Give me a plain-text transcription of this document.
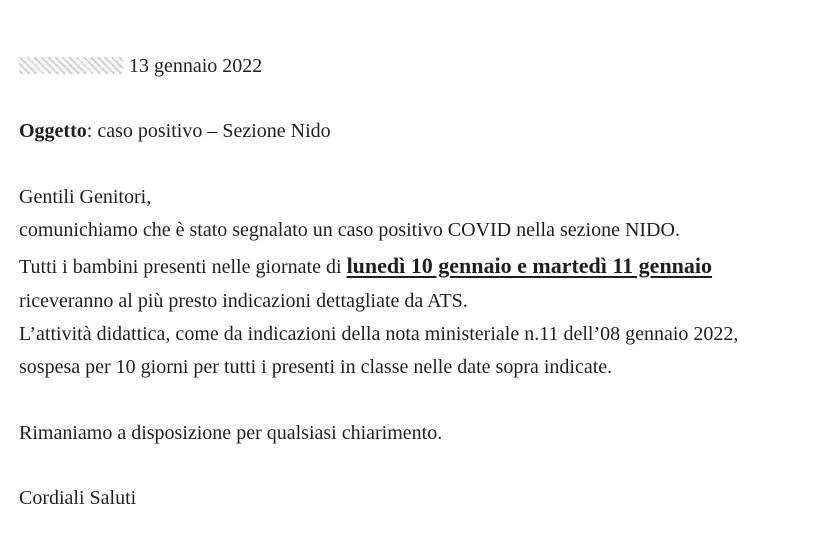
13 gennaio 2022
Oggetto: caso positivo – Sezione Nido
Gentili Genitori,
comunichiamo che è stato segnalato un caso positivo COVID nella sezione NIDO.
Tutti i bambini presenti nelle giornate di lunedì 10 gennaio e martedì 11 gennaio
riceveranno al più presto indicazioni dettagliate da ATS.
L’attività didattica, come da indicazioni della nota ministeriale n.11 dell’08 gennaio 2022,
sospesa per 10 giorni per tutti i presenti in classe nelle date sopra indicate.
Rimaniamo a disposizione per qualsiasi chiarimento.
Cordiali Saluti
